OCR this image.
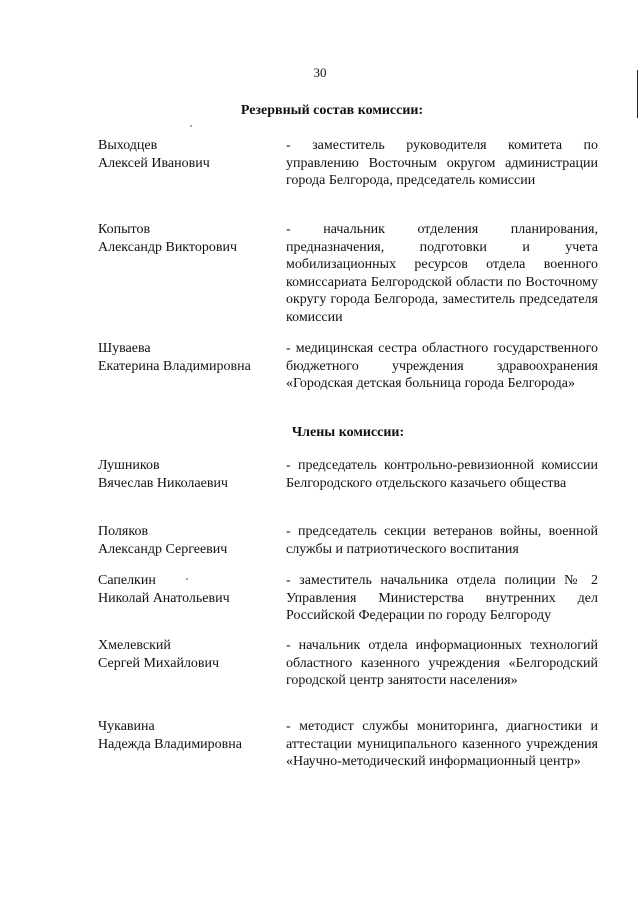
30
Резервный состав комиссии:
Выходцев
Алексей Иванович
- заместитель руководителя комитета по управлению Восточным округом администрации города Белгорода, председатель комиссии
Копытов
Александр Викторович
- начальник отделения планирования, предназначения, подготовки и учета мобилизационных ресурсов отдела военного комиссариата Белгородской области по Восточному округу города Белгорода, заместитель председателя комиссии
Шуваева
Екатерина Владимировна
- медицинская сестра областного государственного бюджетного учреждения здравоохранения «Городская детская больница города Белгорода»
Члены комиссии:
Лушников
Вячеслав Николаевич
- председатель контрольно-ревизионной комиссии Белгородского отдельского казачьего общества
Поляков
Александр Сергеевич
- председатель секции ветеранов войны, военной службы и патриотического воспитания
Сапелкин
Николай Анатольевич
- заместитель начальника отдела полиции № 2 Управления Министерства внутренних дел Российской Федерации по городу Белгороду
Хмелевский
Сергей Михайлович
- начальник отдела информационных технологий областного казенного учреждения «Белгородский городской центр занятости населения»
Чукавина
Надежда Владимировна
- методист службы мониторинга, диагностики и аттестации муниципального казенного учреждения «Научно-методический информационный центр»
